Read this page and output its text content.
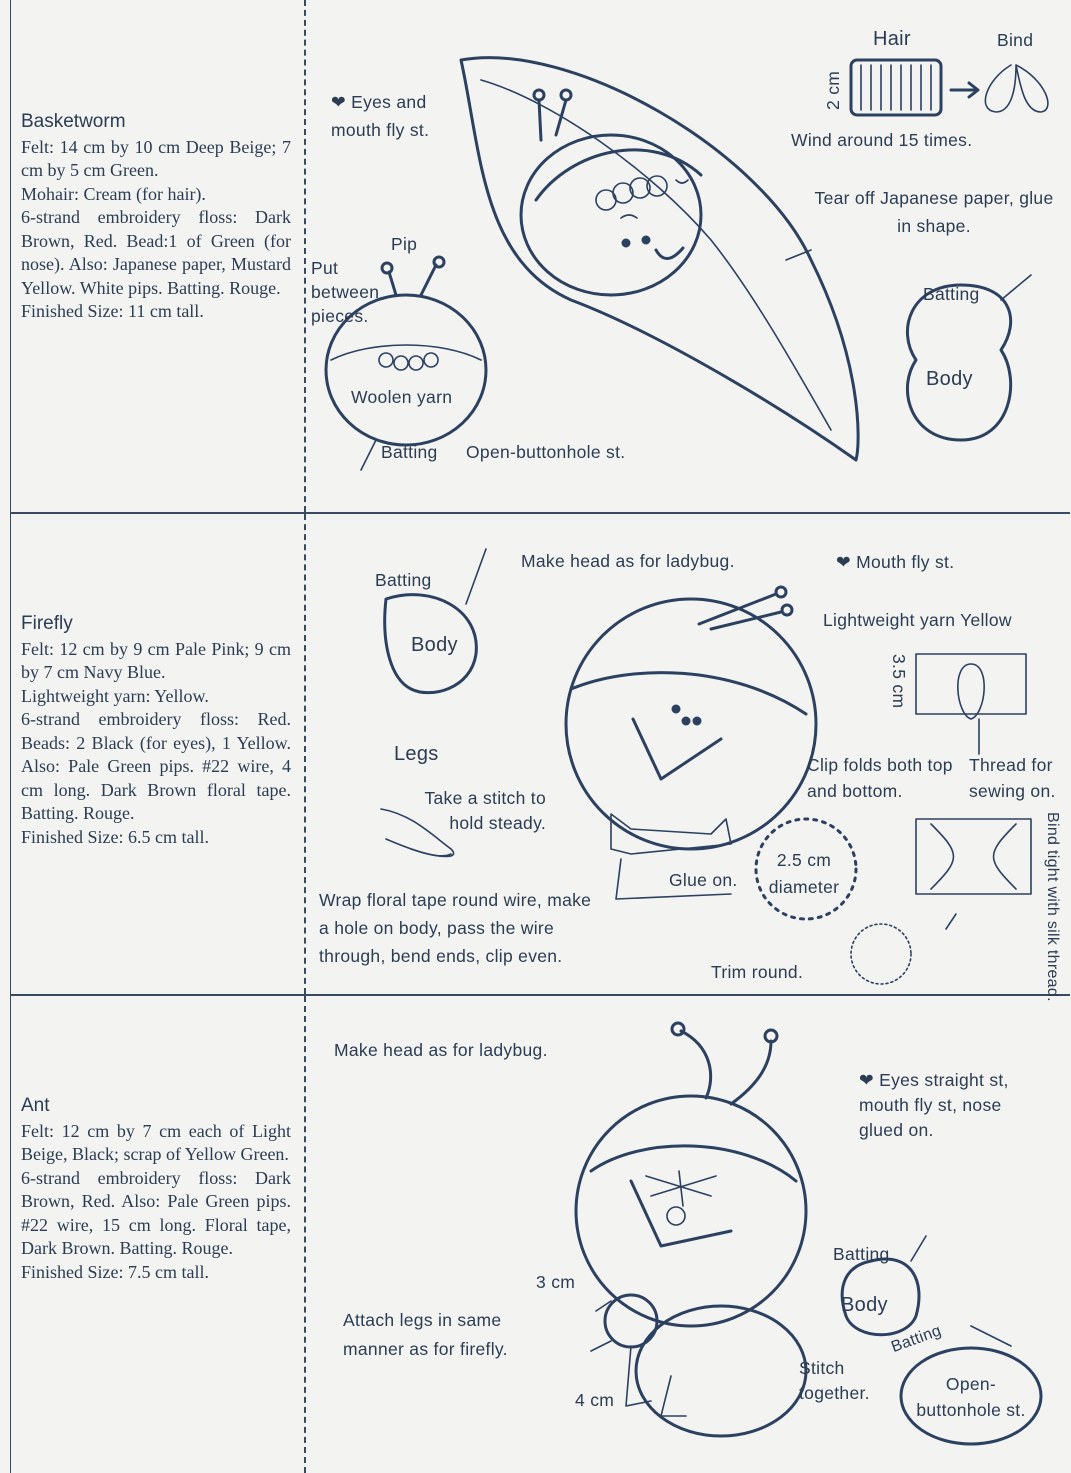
Basketworm
Felt: 14 cm by 10 cm Deep Beige; 7 cm by 5 cm Green.
Mohair: Cream (for hair).
6-strand embroidery floss: Dark Brown, Red. Bead:1 of Green (for nose). Also: Japanese paper, Mustard Yellow. White pips. Batting. Rouge.
Finished Size: 11 cm tall.
❤ Eyes and mouth fly st.
Hair	Bind
2 cm
Wind around 15 times.
Tear off Japanese paper, glue in shape.
Pip
Put between pieces.
Woolen yarn
Batting Open-buttonhole st.
Batting
Body
Firefly
Felt: 12 cm by 9 cm Pale Pink; 9 cm by 7 cm Navy Blue.
Lightweight yarn: Yellow.
6-strand embroidery floss: Red. Beads: 2 Black (for eyes), 1 Yellow. Also: Pale Green pips. #22 wire, 4 cm long. Dark Brown floral tape. Batting. Rouge.
Finished Size: 6.5 cm tall.
Batting
Body
Make head as for ladybug.	❤ Mouth fly st.
Lightweight yarn Yellow
3.5 cm
Legs
Take a stitch to hold steady.
Clip folds both top and bottom.
Thread for sewing on.
Bind tight with silk thread.
Glue on.
2.5 cm diameter
Wrap floral tape round wire, make a hole on body, pass the wire through, bend ends, clip even.
Trim round.
Ant
Felt: 12 cm by 7 cm each of Light Beige, Black; scrap of Yellow Green.
6-strand embroidery floss: Dark Brown, Red. Also: Pale Green pips. #22 wire, 15 cm long. Floral tape, Dark Brown. Batting. Rouge.
Finished Size: 7.5 cm tall.
Make head as for ladybug.
❤ Eyes straight st, mouth fly st, nose glued on.
3 cm
4 cm
Batting
Body
Attach legs in same manner as for firefly.
Stitch together.
Batting
Open-buttonhole st.
